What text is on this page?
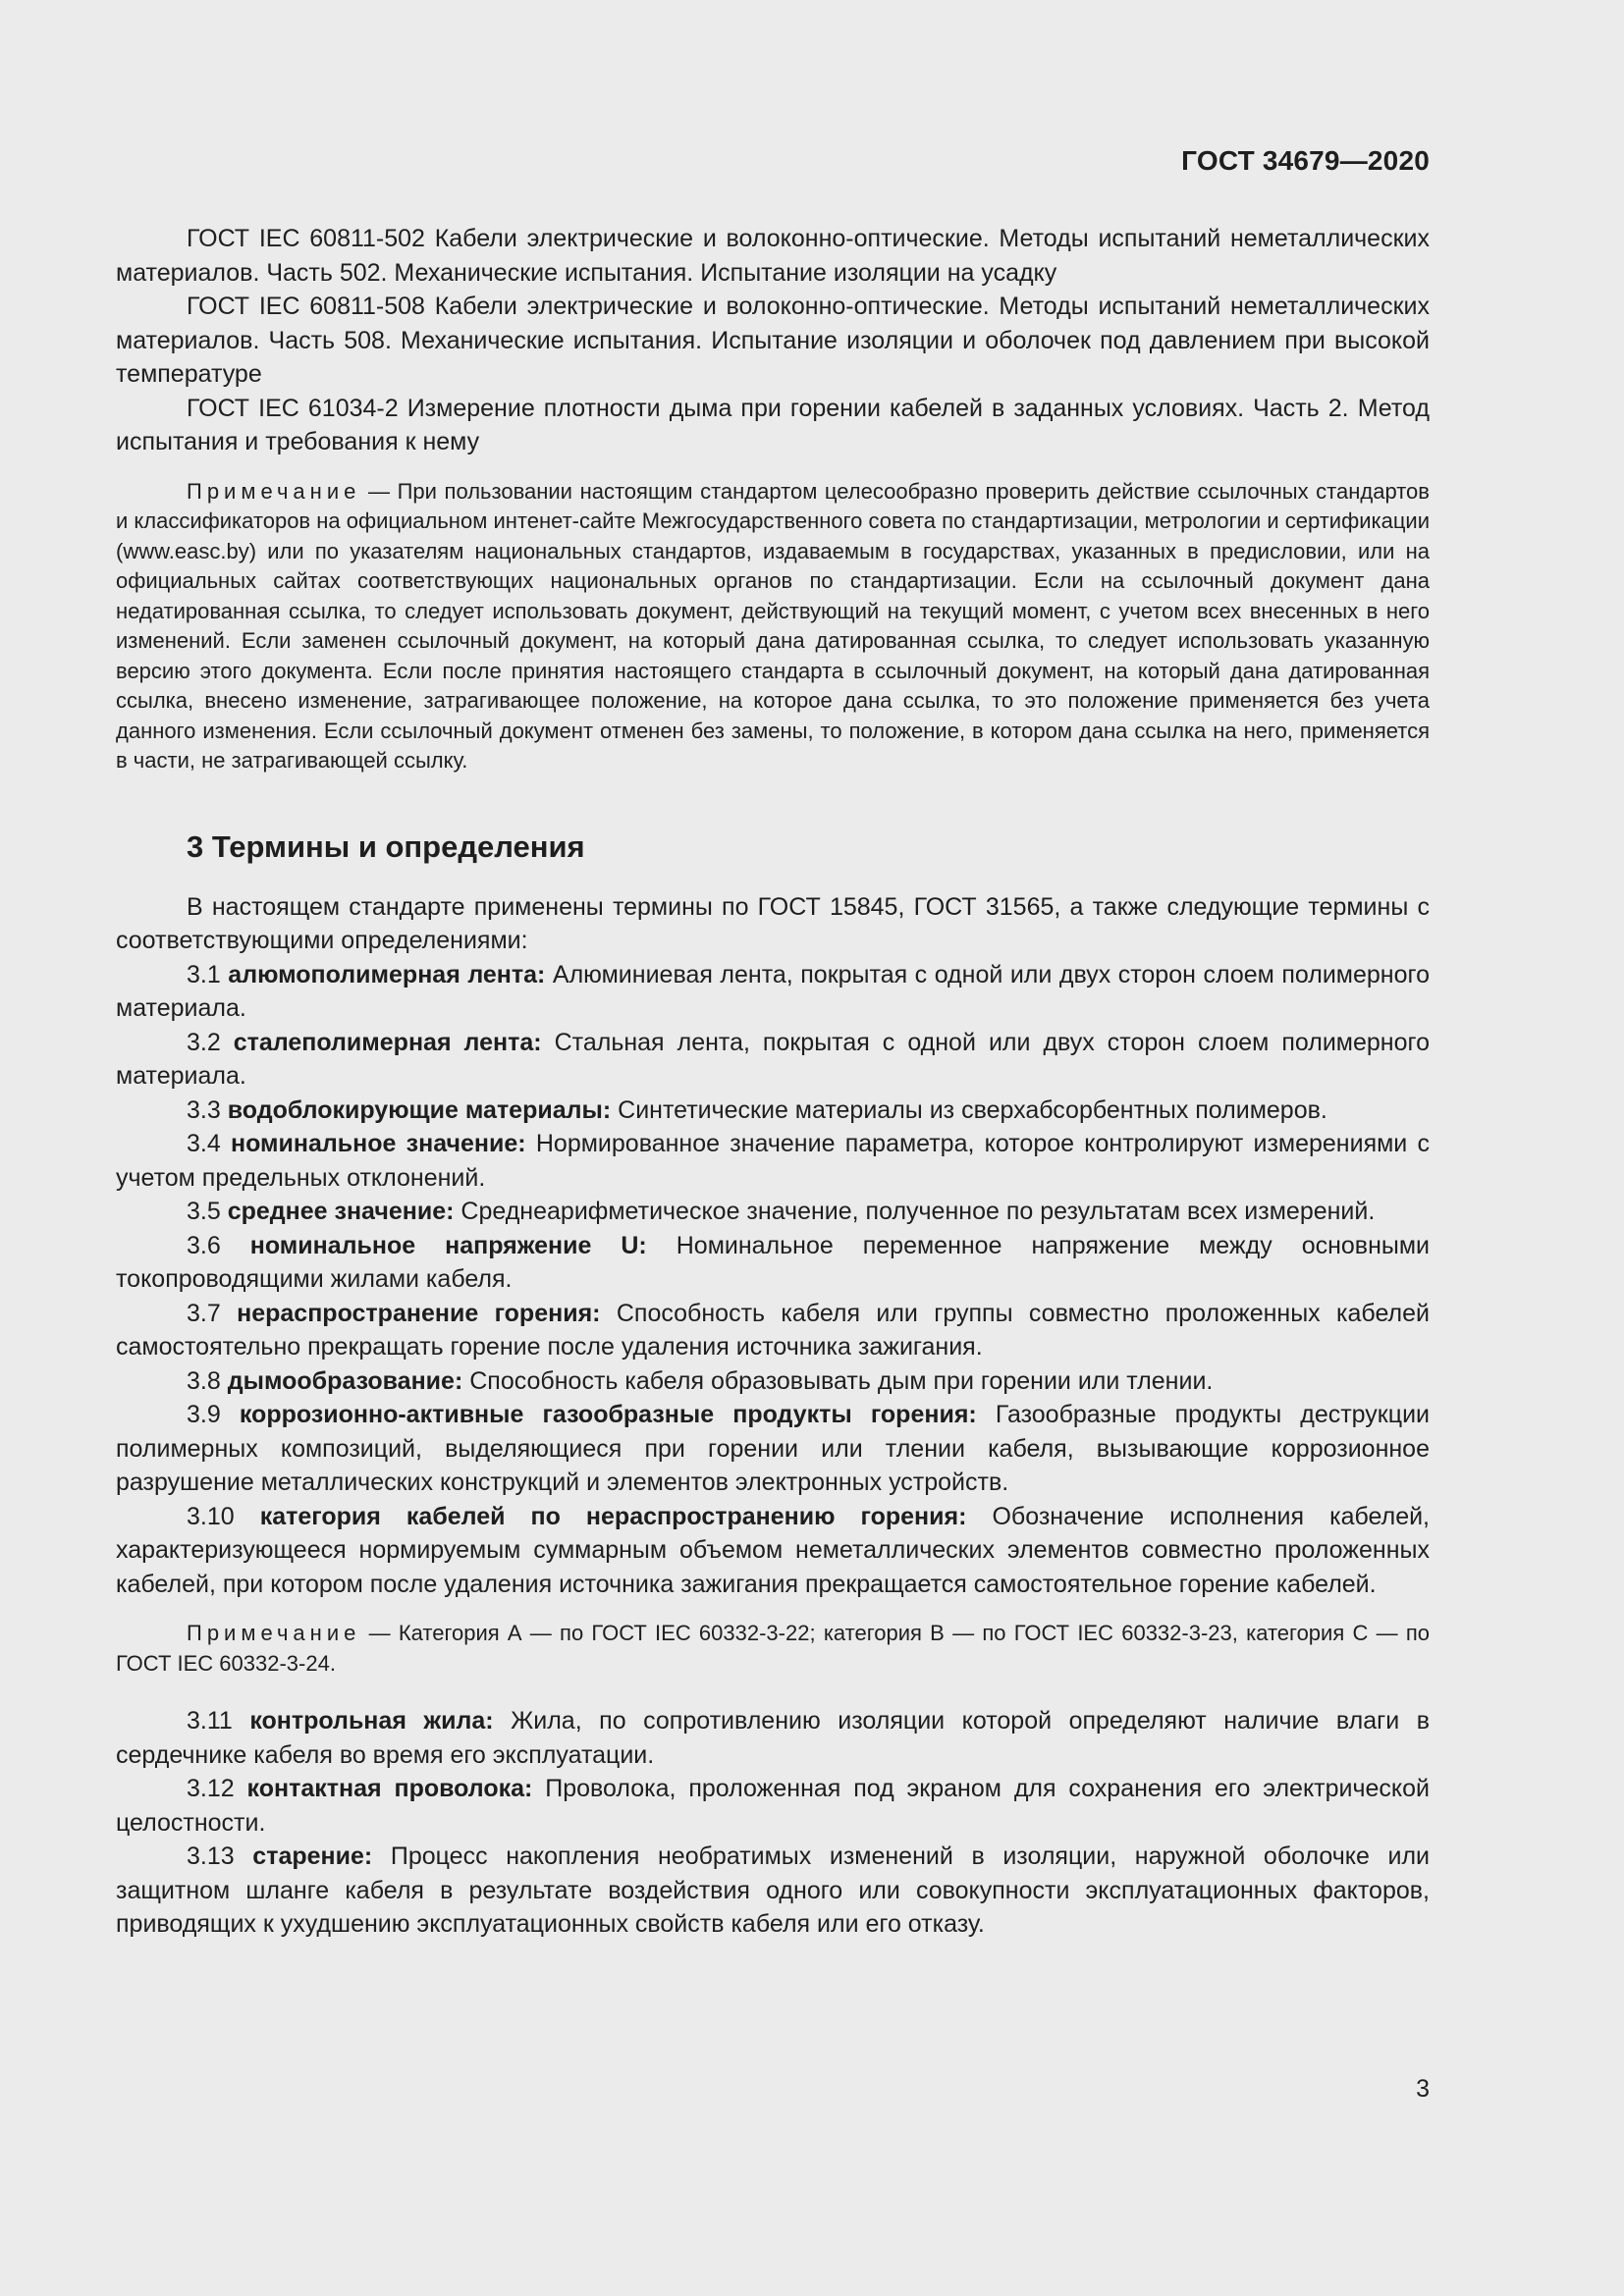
ГОСТ 34679—2020

ГОСТ IEC 60811-502 Кабели электрические и волоконно-оптические. Методы испытаний неметаллических материалов. Часть 502. Механические испытания. Испытание изоляции на усадку

ГОСТ IEC 60811-508 Кабели электрические и волоконно-оптические. Методы испытаний неметаллических материалов. Часть 508. Механические испытания. Испытание изоляции и оболочек под давлением при высокой температуре

ГОСТ IEC 61034-2 Измерение плотности дыма при горении кабелей в заданных условиях. Часть 2. Метод испытания и требования к нему

Примечание — При пользовании настоящим стандартом целесообразно проверить действие ссылочных стандартов и классификаторов на официальном интенет-сайте Межгосударственного совета по стандартизации, метрологии и сертификации (www.easc.by) или по указателям национальных стандартов, издаваемым в государствах, указанных в предисловии, или на официальных сайтах соответствующих национальных органов по стандартизации. Если на ссылочный документ дана недатированная ссылка, то следует использовать документ, действующий на текущий момент, с учетом всех внесенных в него изменений. Если заменен ссылочный документ, на который дана датированная ссылка, то следует использовать указанную версию этого документа. Если после принятия настоящего стандарта в ссылочный документ, на который дана датированная ссылка, внесено изменение, затрагивающее положение, на которое дана ссылка, то это положение применяется без учета данного изменения. Если ссылочный документ отменен без замены, то положение, в котором дана ссылка на него, применяется в части, не затрагивающей ссылку.

3 Термины и определения

В настоящем стандарте применены термины по ГОСТ 15845, ГОСТ 31565, а также следующие термины с соответствующими определениями:

3.1 алюмополимерная лента: Алюминиевая лента, покрытая с одной или двух сторон слоем полимерного материала.

3.2 сталеполимерная лента: Стальная лента, покрытая с одной или двух сторон слоем полимерного материала.

3.3 водоблокирующие материалы: Синтетические материалы из сверхабсорбентных полимеров.

3.4 номинальное значение: Нормированное значение параметра, которое контролируют измерениями с учетом предельных отклонений.

3.5 среднее значение: Среднеарифметическое значение, полученное по результатам всех измерений.

3.6 номинальное напряжение U: Номинальное переменное напряжение между основными токопроводящими жилами кабеля.

3.7 нераспространение горения: Способность кабеля или группы совместно проложенных кабелей самостоятельно прекращать горение после удаления источника зажигания.

3.8 дымообразование: Способность кабеля образовывать дым при горении или тлении.

3.9 коррозионно-активные газообразные продукты горения: Газообразные продукты деструкции полимерных композиций, выделяющиеся при горении или тлении кабеля, вызывающие коррозионное разрушение металлических конструкций и элементов электронных устройств.

3.10 категория кабелей по нераспространению горения: Обозначение исполнения кабелей, характеризующееся нормируемым суммарным объемом неметаллических элементов совместно проложенных кабелей, при котором после удаления источника зажигания прекращается самостоятельное горение кабелей.

Примечание — Категория А — по ГОСТ IEC 60332-3-22; категория В — по ГОСТ IEC 60332-3-23, категория С — по ГОСТ IEC 60332-3-24.

3.11 контрольная жила: Жила, по сопротивлению изоляции которой определяют наличие влаги в сердечнике кабеля во время его эксплуатации.

3.12 контактная проволока: Проволока, проложенная под экраном для сохранения его электрической целостности.

3.13 старение: Процесс накопления необратимых изменений в изоляции, наружной оболочке или защитном шланге кабеля в результате воздействия одного или совокупности эксплуатационных факторов, приводящих к ухудшению эксплуатационных свойств кабеля или его отказу.

3
